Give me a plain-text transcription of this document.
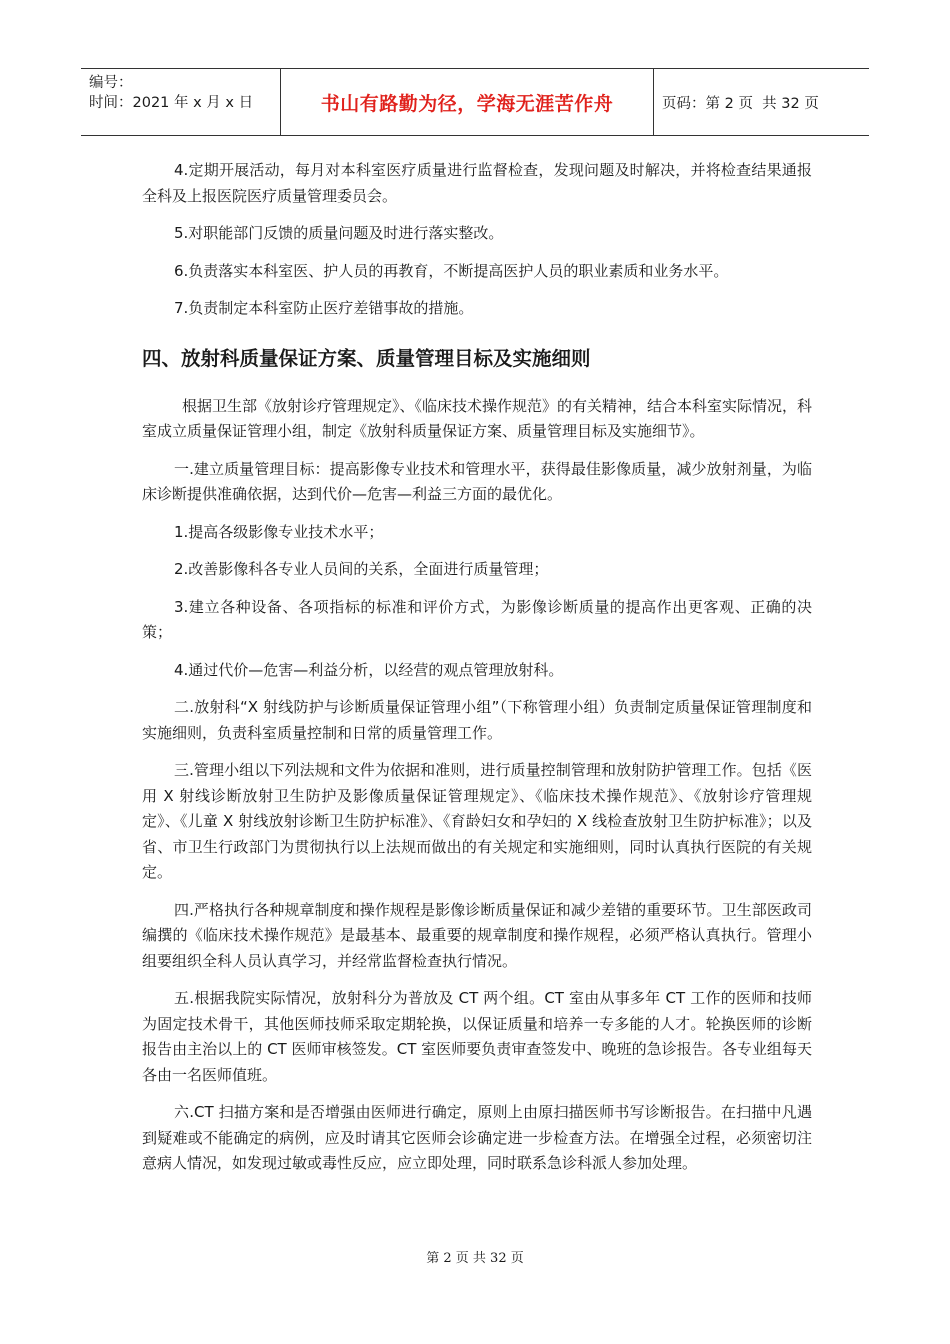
编号：
时间：2021 年 x 月 x 日	书山有路勤为径，学海无涯苦作舟	页码：第 2 页  共 32 页

4.定期开展活动，每月对本科室医疗质量进行监督检查，发现问题及时解决，并将检查结果通报全科及上报医院医疗质量管理委员会。

5.对职能部门反馈的质量问题及时进行落实整改。

6.负责落实本科室医、护人员的再教育，不断提高医护人员的职业素质和业务水平。

7.负责制定本科室防止医疗差错事故的措施。

四、放射科质量保证方案、质量管理目标及实施细则

根据卫生部《放射诊疗管理规定》、《临床技术操作规范》的有关精神，结合本科室实际情况，科室成立质量保证管理小组，制定《放射科质量保证方案、质量管理目标及实施细节》。

一.建立质量管理目标：提高影像专业技术和管理水平，获得最佳影像质量，减少放射剂量，为临床诊断提供准确依据，达到代价—危害—利益三方面的最优化。

1.提高各级影像专业技术水平；

2.改善影像科各专业人员间的关系，全面进行质量管理；

3.建立各种设备、各项指标的标准和评价方式，为影像诊断质量的提高作出更客观、正确的决策；

4.通过代价—危害—利益分析，以经营的观点管理放射科。

二.放射科“X 射线防护与诊断质量保证管理小组”（下称管理小组）负责制定质量保证管理制度和实施细则，负责科室质量控制和日常的质量管理工作。

三.管理小组以下列法规和文件为依据和准则，进行质量控制管理和放射防护管理工作。包括《医用 X 射线诊断放射卫生防护及影像质量保证管理规定》、《临床技术操作规范》、《放射诊疗管理规定》、《儿童 X 射线放射诊断卫生防护标准》、《育龄妇女和孕妇的 X 线检查放射卫生防护标准》；以及省、市卫生行政部门为贯彻执行以上法规而做出的有关规定和实施细则，同时认真执行医院的有关规定。

四.严格执行各种规章制度和操作规程是影像诊断质量保证和减少差错的重要环节。卫生部医政司编撰的《临床技术操作规范》是最基本、最重要的规章制度和操作规程，必须严格认真执行。管理小组要组织全科人员认真学习，并经常监督检查执行情况。

五.根据我院实际情况，放射科分为普放及 CT 两个组。CT 室由从事多年 CT 工作的医师和技师为固定技术骨干，其他医师技师采取定期轮换，以保证质量和培养一专多能的人才。轮换医师的诊断报告由主治以上的 CT 医师审核签发。CT 室医师要负责审查签发中、晚班的急诊报告。各专业组每天各由一名医师值班。

六.CT 扫描方案和是否增强由医师进行确定，原则上由原扫描医师书写诊断报告。在扫描中凡遇到疑难或不能确定的病例，应及时请其它医师会诊确定进一步检查方法。在增强全过程，必须密切注意病人情况，如发现过敏或毒性反应，应立即处理，同时联系急诊科派人参加处理。

第 2 页 共 32 页
